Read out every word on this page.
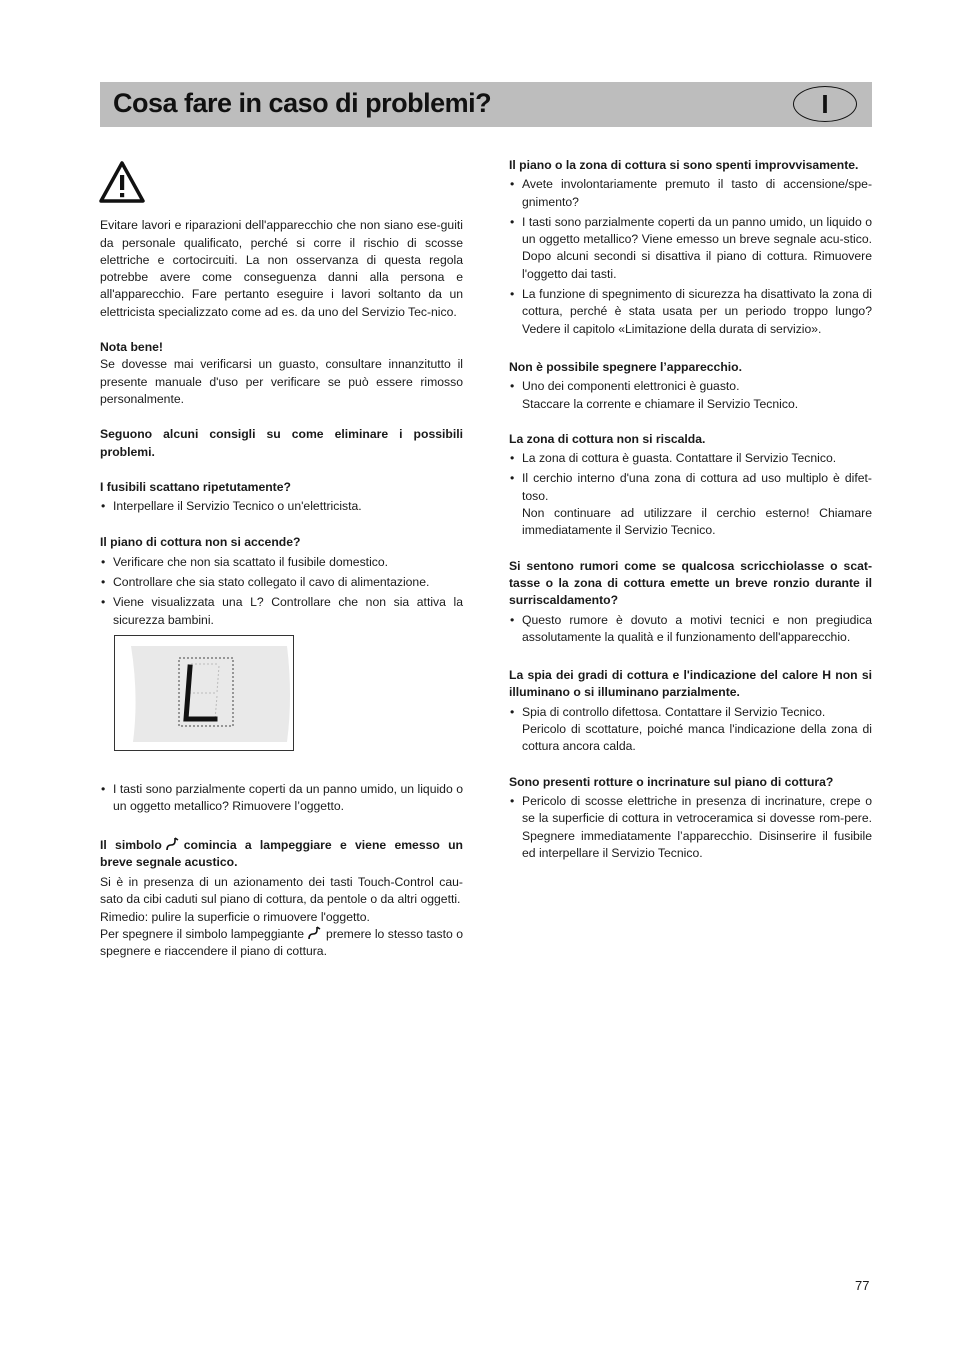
Cosa fare in caso di problemi?	I

Evitare lavori e riparazioni dell'apparecchio che non siano ese-guiti da personale qualificato, perché si corre il rischio di scosse elettriche e cortocircuiti. La non osservanza di questa regola potrebbe avere come conseguenza danni alla persona e all'apparecchio. Fare pertanto eseguire i lavori soltanto da un elettricista specializzato come ad es. da uno del Servizio Tec-nico.

Nota bene!

Se dovesse mai verificarsi un guasto, consultare innanzitutto il presente manuale d'uso per verificare se può essere rimosso personalmente.

Seguono alcuni consigli su come eliminare i possibili problemi.

I fusibili scattano ripetutamente?

• Interpellare il Servizio Tecnico o un'elettricista.

Il piano di cottura non si accende?

• Verificare che non sia scattato il fusibile domestico.
• Controllare che sia stato collegato il cavo di alimentazione.
• Viene visualizzata una L? Controllare che non sia attiva la sicurezza bambini.
• I tasti sono parzialmente coperti da un panno umido, un liquido o un oggetto metallico? Rimuovere l’oggetto.

Il simbolo comincia a lampeggiare e viene emesso un breve segnale acustico.

Si è in presenza di un azionamento dei tasti Touch-Control cau-sato da cibi caduti sul piano di cottura, da pentole o da altri oggetti.

Rimedio: pulire la superficie o rimuovere l'oggetto.

Per spegnere il simbolo lampeggiante premere lo stesso tasto o spegnere e riaccendere il piano di cottura.

Il piano o la zona di cottura si sono spenti improvvisamente.

• Avete involontariamente premuto il tasto di accensione/spe-gnimento?
• I tasti sono parzialmente coperti da un panno umido, un liquido o un oggetto metallico? Viene emesso un breve segnale acu-stico. Dopo alcuni secondi si disattiva il piano di cottura. Rimuovere l'oggetto dai tasti.
• La funzione di spegnimento di sicurezza ha disattivato la zona di cottura, perché è stata usata per un periodo troppo lungo? Vedere il capitolo «Limitazione della durata di servizio».

Non è possibile spegnere l’apparecchio.

• Uno dei componenti elettronici è guasto.

Staccare la corrente e chiamare il Servizio Tecnico.

La zona di cottura non si riscalda.

• La zona di cottura è guasta. Contattare il Servizio Tecnico.
• Il cerchio interno d'una zona di cottura ad uso multiplo è difet-toso.

Non continuare ad utilizzare il cerchio esterno! Chiamare immediatamente il Servizio Tecnico.

Si sentono rumori come se qualcosa scricchiolasse o scat-tasse o la zona di cottura emette un breve ronzio durante il surriscaldamento?

• Questo rumore è dovuto a motivi tecnici e non pregiudica assolutamente la qualità e il funzionamento dell'apparecchio.

La spia dei gradi di cottura e l'indicazione del calore H non si illuminano o si illuminano parzialmente.

• Spia di controllo difettosa. Contattare il Servizio Tecnico.

Pericolo di scottature, poiché manca l'indicazione della zona di cottura ancora calda.

Sono presenti rotture o incrinature sul piano di cottura?

• Pericolo di scosse elettriche in presenza di incrinature, crepe o se la superficie di cottura in vetroceramica si dovesse rom-pere. Spegnere immediatamente l’apparecchio. Disinserire il fusibile ed interpellare il Servizio Tecnico.
77
